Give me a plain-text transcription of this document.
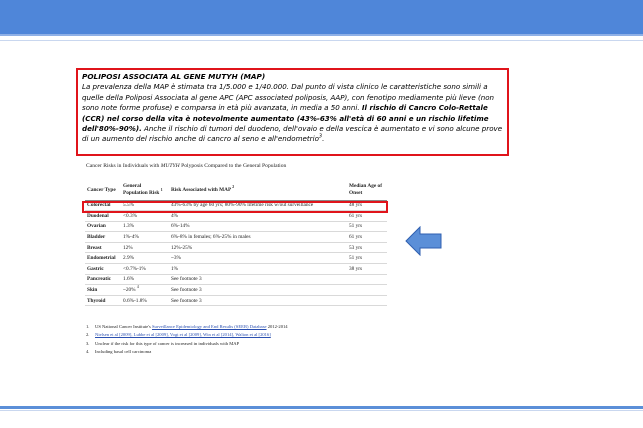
POLIPOSI ASSOCIATA AL GENE MUTYH (MAP)
La prevalenza della MAP è stimata tra 1/5.000 e 1/40.000. Dal punto di vista clinico le caratteristiche sono simili a quelle della Poliposi Associata al gene APC (APC associated poliposis, AAP), con fenotipo mediamente più lieve (non sono note forme profuse) e comparsa in età più avanzata, in media a 50 anni. Il rischio di Cancro Colo-Rettale (CCR) nel corso della vita è notevolmente aumentato (43%-63% all'età di 60 anni e un rischio lifetime dell'80%-90%). Anche il rischio di tumori del duodeno, dell'ovaio e della vescica è aumentato e vi sono alcune prove di un aumento del rischio anche di cancro al seno e all'endometrio$^3$.
Cancer Risks in Individuals with MUTYH Polyposis Compared to the General Population
Cancer Type	General Population Risk $^1$	Risk Associated with MAP $^2$	Median Age of Onset
Colorectal	5.5%	43%-63% by age 60 yrs; 80%-90% lifetime risk w/out surveillance	48 yrs
Duodenal	<0.3%	4%	61 yrs
Ovarian	1.3%	6%-14%	51 yrs
Bladder	1%-4%	6%-8% in females; 6%-25% in males	61 yrs
Breast	12%	12%-25%	53 yrs
Endometrial	2.9%	~3%	51 yrs
Gastric	<0.7%-1%	1%	38 yrs
Pancreatic	1.6%	See footnote 3	
Skin	~20% $^4$	See footnote 3	
Thyroid	0.6%-1.8%	See footnote 3	
1. US National Cancer Institute's Surveillance Epidemiology and End Results (SEER) Database 2012-2014
2. Nielsen et al [2009], Lubbe et al [2009], Vogt et al [2009], Win et al [2014], Walton et al [2016]
3. Unclear if the risk for this type of cancer is increased in individuals with MAP
4. Including basal cell carcinoma
